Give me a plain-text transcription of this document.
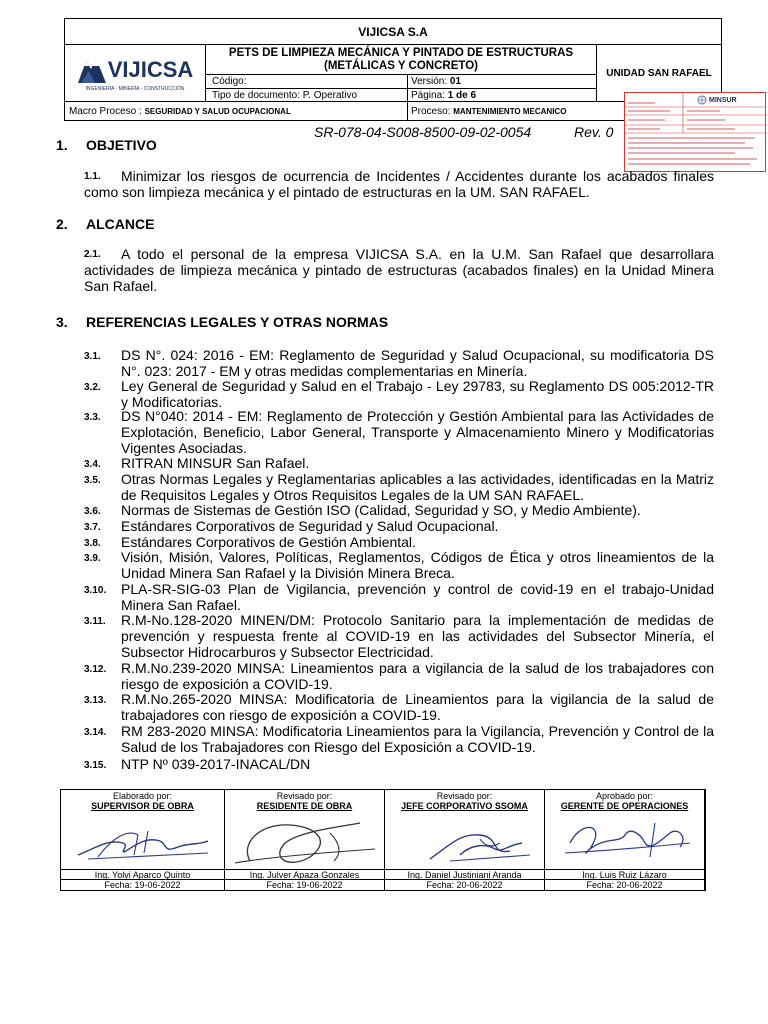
VIJICSA S.A
VIJICSA
INGENIERÍA · MINERÍA · CONSTRUCCIÓN
PETS DE LIMPIEZA MECÁNICA Y PINTADO DE ESTRUCTURAS (METÁLICAS Y CONCRETO)
UNIDAD SAN RAFAEL
Código:	Versión:
01
Tipo de documento: P. Operativo	Página:
1 de 6
Macro Proceso :
SEGURIDAD Y SALUD OCUPACIONAL	Proceso:
MANTENIMIENTO MECANICO
MINSUR
SR-078-04-S008-8500-09-02-0054	Rev. 0
1. OBJETIVO
1.1.	Minimizar los riesgos de ocurrencia de Incidentes / Accidentes durante los acabados finales como son limpieza mecánica y el pintado de estructuras en la UM. SAN RAFAEL.
2. ALCANCE
2.1.	A todo el personal de la empresa VIJICSA S.A. en la U.M. San Rafael que desarrollara actividades de limpieza mecánica y pintado de estructuras (acabados finales) en la Unidad Minera San Rafael.
3. REFERENCIAS LEGALES Y OTRAS NORMAS
3.1. DS N°. 024: 2016 - EM: Reglamento de Seguridad y Salud Ocupacional, su modificatoria DS N°. 023: 2017 - EM y otras medidas complementarias en Minería.
3.2. Ley General de Seguridad y Salud en el Trabajo - Ley 29783, su Reglamento DS 005:2012-TR y Modificatorias.
3.3. DS N°040: 2014 - EM: Reglamento de Protección y Gestión Ambiental para las Actividades de Explotación, Beneficio, Labor General, Transporte y Almacenamiento Minero y Modificatorias Vigentes Asociadas.
3.4. RITRAN MINSUR San Rafael.
3.5. Otras Normas Legales y Reglamentarias aplicables a las actividades, identificadas en la Matriz de Requisitos Legales y Otros Requisitos Legales de la UM SAN RAFAEL.
3.6. Normas de Sistemas de Gestión ISO (Calidad, Seguridad y SO, y Medio Ambiente).
3.7. Estándares Corporativos de Seguridad y Salud Ocupacional.
3.8. Estándares Corporativos de Gestión Ambiental.
3.9. Visión, Misión, Valores, Políticas, Reglamentos, Códigos de Ética y otros lineamientos de la Unidad Minera San Rafael y la División Minera Breca.
3.10. PLA-SR-SIG-03 Plan de Vigilancia, prevención y control de covid-19 en el trabajo-Unidad Minera San Rafael.
3.11. R.M-No.128-2020 MINEN/DM: Protocolo Sanitario para la implementación de medidas de prevención y respuesta frente al COVID-19 en las actividades del Subsector Minería, el Subsector Hidrocarburos y Subsector Electricidad.
3.12. R.M.No.239-2020 MINSA: Lineamientos para a vigilancia de la salud de los trabajadores con riesgo de exposición a COVID-19.
3.13. R.M.No.265-2020 MINSA: Modificatoria de Lineamientos para la vigilancia de la salud de trabajadores con riesgo de exposición a COVID-19.
3.14. RM 283-2020 MINSA: Modificatoria Lineamientos para la Vigilancia, Prevención y Control de la Salud de los Trabajadores con Riesgo del Exposición a COVID-19.
3.15. NTP Nº 039-2017-INACAL/DN
Elaborado por:
SUPERVISOR DE OBRA
Ing. Yolvi Aparco Quinto
Fecha: 19-06-2022
Revisado por:
RESIDENTE DE OBRA
Ing. Julver Apaza Gonzales
Fecha: 19-06-2022
Revisado por:
JEFE CORPORATIVO SSOMA
Ing. Daniel Justiniani Aranda
Fecha: 20-06-2022
Aprobado por:
GERENTE DE OPERACIONES
Ing. Luis Ruiz Lázaro
Fecha: 20-06-2022
